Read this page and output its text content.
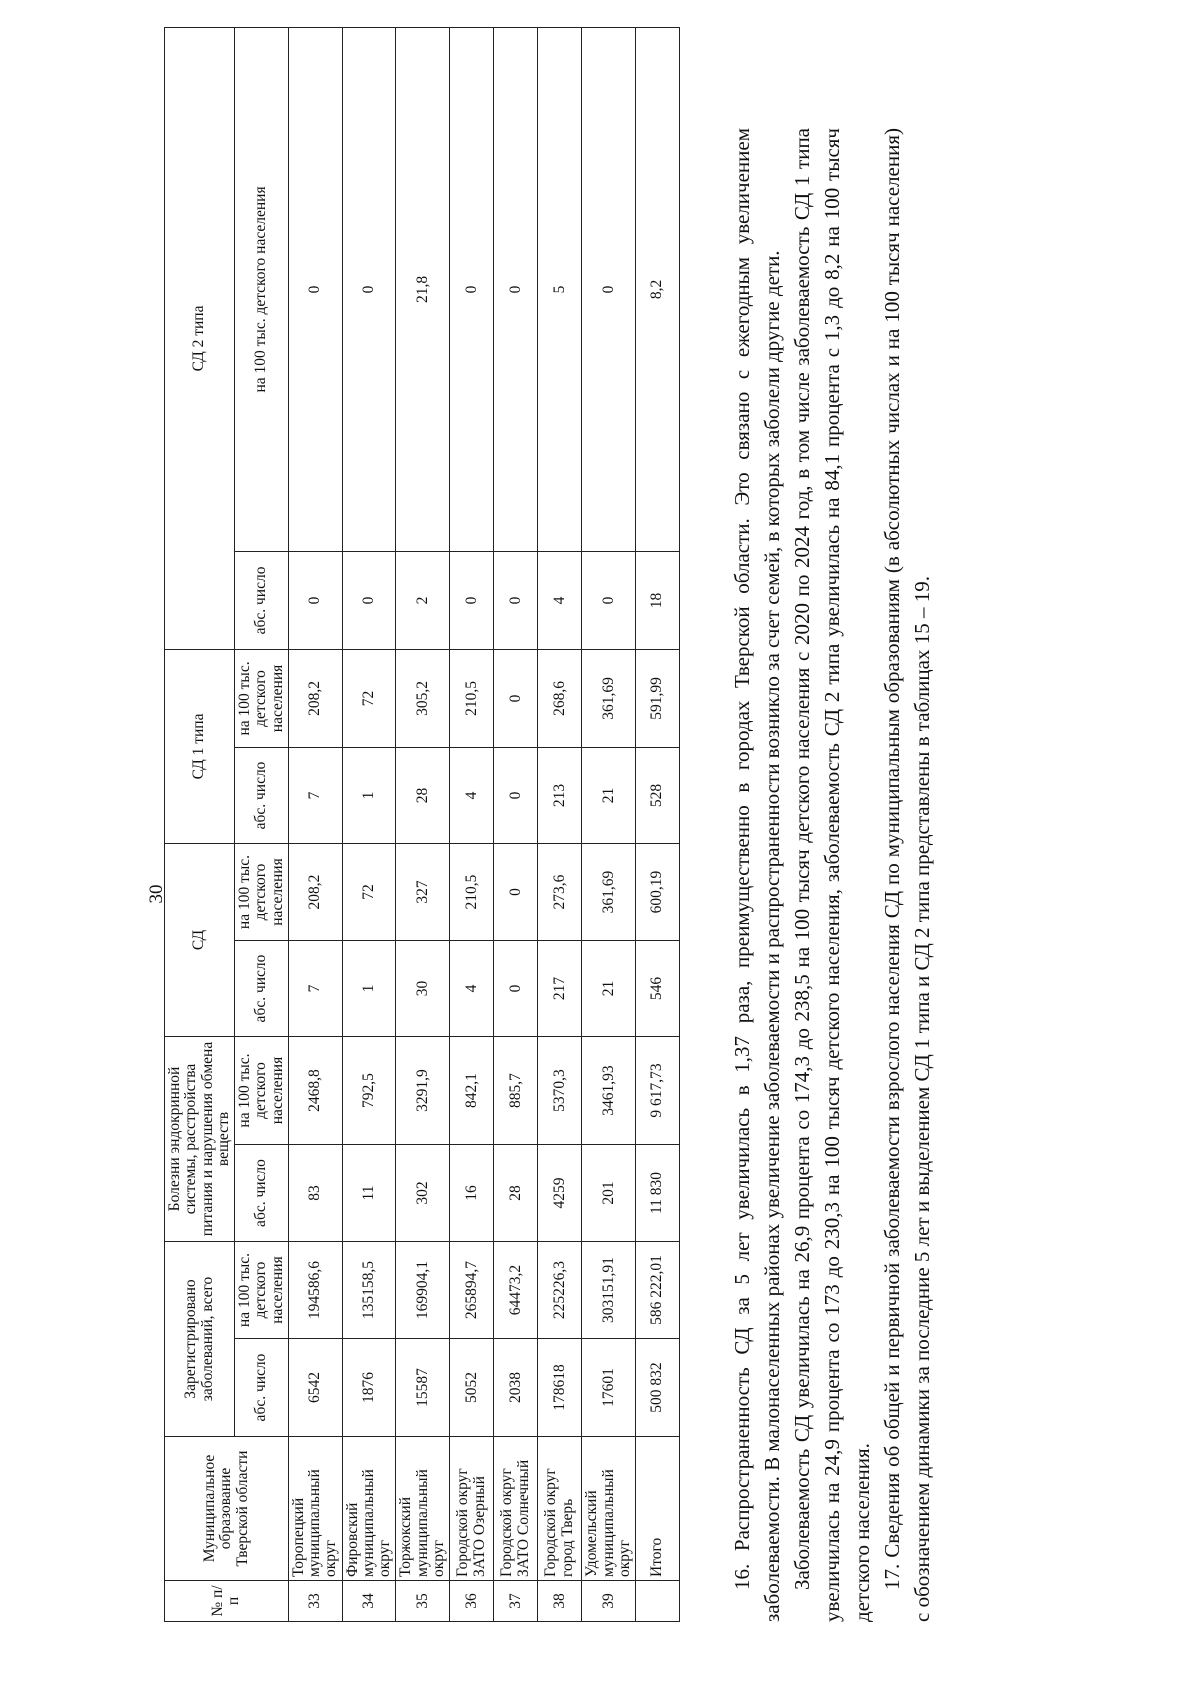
30
№ п/п	Муниципальное образование Тверской области	Зарегистрировано заболеваний, всего		Болезни эндокринной системы, расстройства питания и нарушения обмена веществ		СД		СД 1 типа		СД 2 типа	
		абс. число	на 100 тыс. детского населения	абс. число	на 100 тыс. детского населения	абс. число	на 100 тыс. детского населения	абс. число	на 100 тыс. детского населения	абс. число	на 100 тыс. детского населения
33	Торопецкий муниципальный округ	6542	194586,6	83	2468,8	7	208,2	7	208,2	0	0
34	Фировский муниципальный округ	1876	135158,5	11	792,5	1	72	1	72	0	0
35	Торжокский муниципальный округ	15587	169904,1	302	3291,9	30	327	28	305,2	2	21,8
36	Городской округ ЗАТО Озерный	5052	265894,7	16	842,1	4	210,5	4	210,5	0	0
37	Городской округ ЗАТО Солнечный	2038	64473,2	28	885,7	0	0	0	0	0	0
38	Городской округ город Тверь	178618	225226,3	4259	5370,3	217	273,6	213	268,6	4	5
39	Удомельский муниципальный округ	17601	303151,91	201	3461,93	21	361,69	21	361,69	0	0
	Итого	500 832	586 222,01	11 830	9 617,73	546	600,19	528	591,99	18	8,2	16. Распространенность СД за 5 лет увеличилась в 1,37 раза, преимущественно в городах Тверской области. Это связано с ежегодным увеличением заболеваемости. В малонаселенных районах увеличение заболеваемости и распространенности возникло за счет семей, в которых заболели другие дети. Заболеваемость СД увеличилась на 26,9 процента со 174,3 до 238,5 на 100 тысяч детского населения с 2020 по 2024 год, в том числе заболеваемость СД 1 типа увеличилась на 24,9 процента со 173 до 230,3 на 100 тысяч детского населения, заболеваемость СД 2 типа увеличилась на 84,1 процента с 1,3 до 8,2 на 100 тысяч детского населения. 17. Сведения об общей и первичной заболеваемости взрослого населения СД по муниципальным образованиям (в абсолютных числах и на 100 тысяч населения) с обозначением динамики за последние 5 лет и выделением СД 1 типа и СД 2 типа представлены в таблицах 15 – 19.
